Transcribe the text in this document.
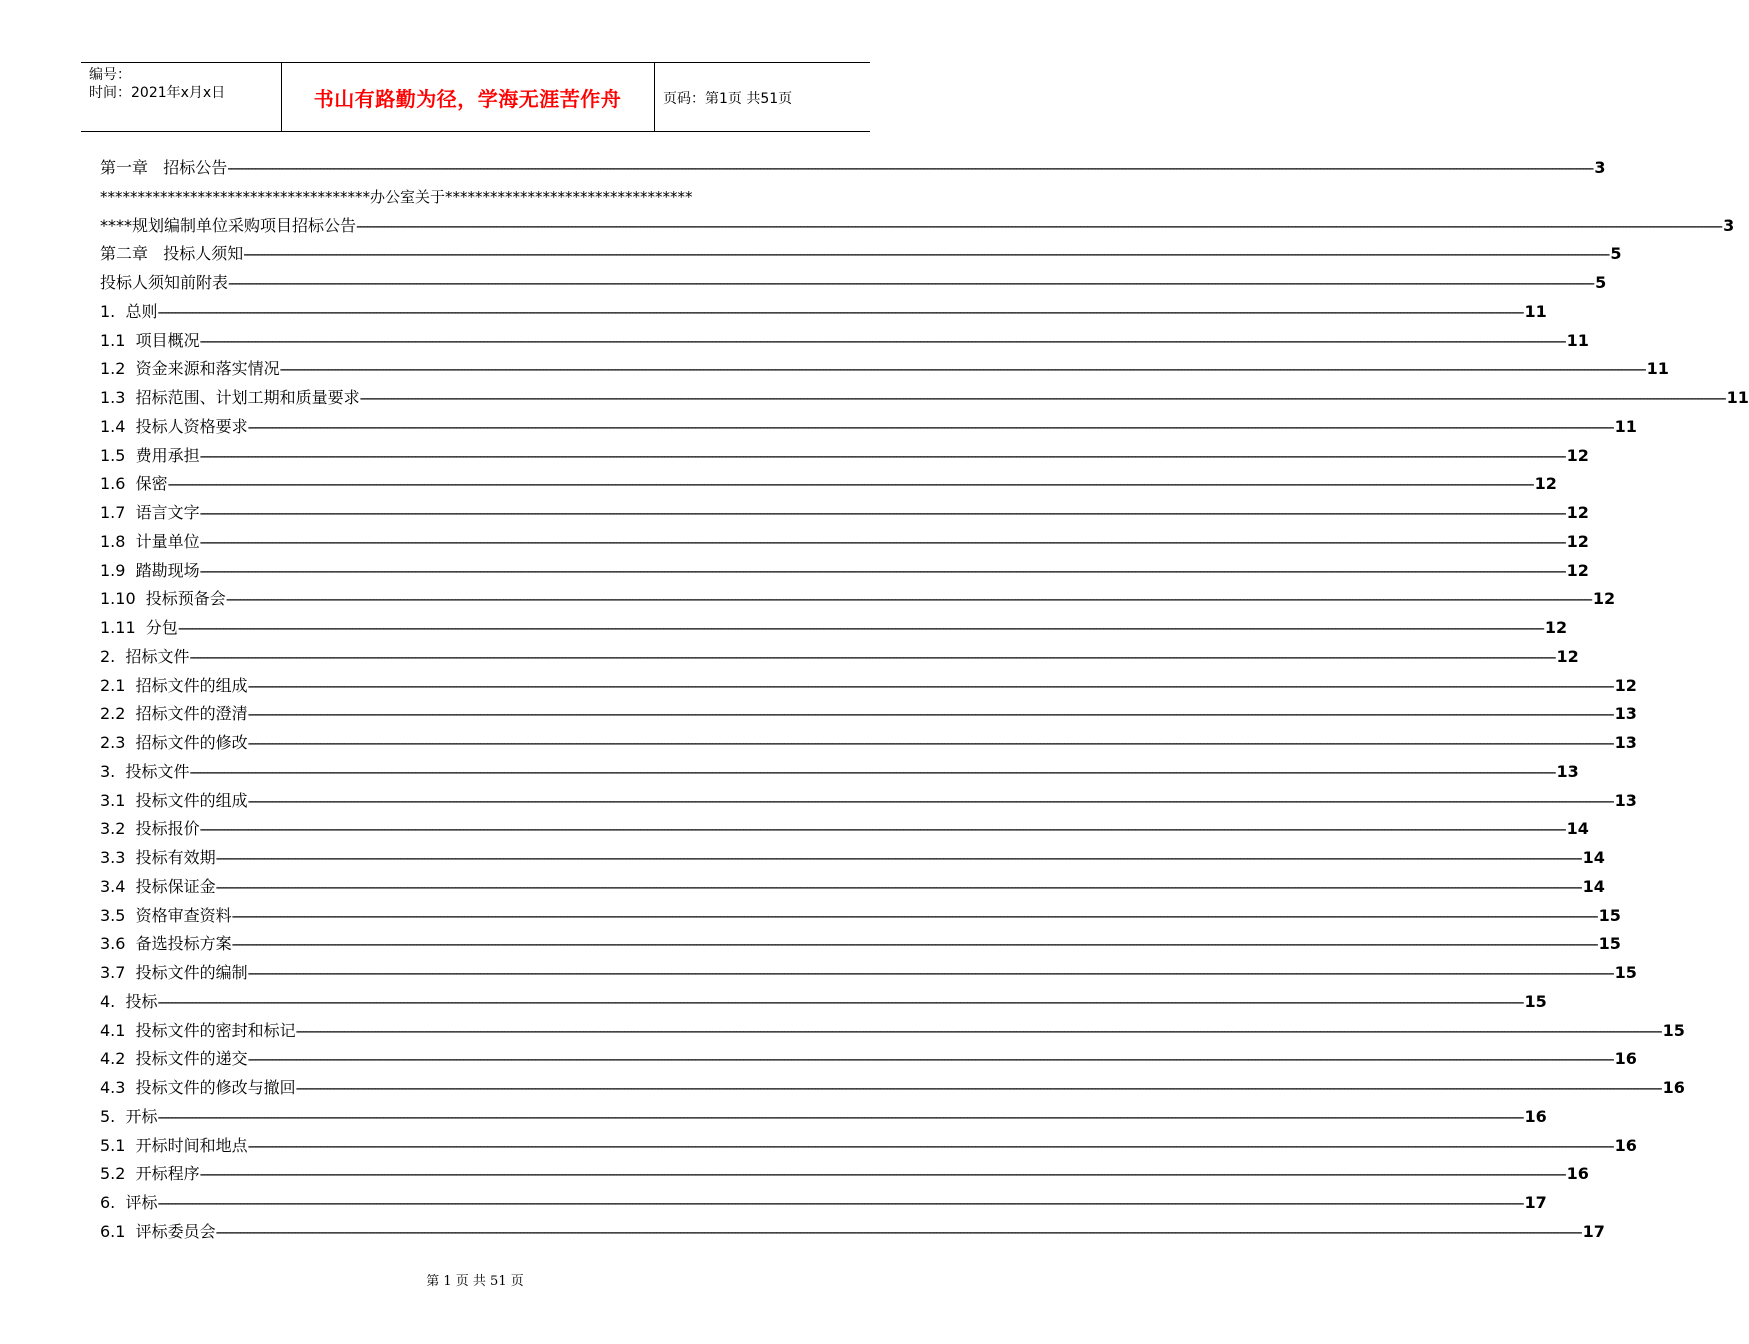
编号：
时间：2021年x月x日	书山有路勤为径，学海无涯苦作舟	页码：第1页 共51页
第一章   招标公告 ---------------------------------------------------------------------------------------------------------------------------------------------------------------------------------------------------------------------------------------------------------------------------------------------------------------------------------------------------------------------------------------------------------------- 3
************************************办公室关于*********************************
****规划编制单位采购项目招标公告 ---------------------------------------------------------------------------------------------------------------------------------------------------------------------------------------------------------------------------------------------------------------------------------------------------------------------------------------------------------------------------------------------------------------- 3
第二章   投标人须知 ---------------------------------------------------------------------------------------------------------------------------------------------------------------------------------------------------------------------------------------------------------------------------------------------------------------------------------------------------------------------------------------------------------------- 5
投标人须知前附表 ---------------------------------------------------------------------------------------------------------------------------------------------------------------------------------------------------------------------------------------------------------------------------------------------------------------------------------------------------------------------------------------------------------------- 5
1.  总则 ---------------------------------------------------------------------------------------------------------------------------------------------------------------------------------------------------------------------------------------------------------------------------------------------------------------------------------------------------------------------------------------------------------------- 11
1.1  项目概况 ---------------------------------------------------------------------------------------------------------------------------------------------------------------------------------------------------------------------------------------------------------------------------------------------------------------------------------------------------------------------------------------------------------------- 11
1.2  资金来源和落实情况 ---------------------------------------------------------------------------------------------------------------------------------------------------------------------------------------------------------------------------------------------------------------------------------------------------------------------------------------------------------------------------------------------------------------- 11
1.3  招标范围、计划工期和质量要求 ---------------------------------------------------------------------------------------------------------------------------------------------------------------------------------------------------------------------------------------------------------------------------------------------------------------------------------------------------------------------------------------------------------------- 11
1.4  投标人资格要求 ---------------------------------------------------------------------------------------------------------------------------------------------------------------------------------------------------------------------------------------------------------------------------------------------------------------------------------------------------------------------------------------------------------------- 11
1.5  费用承担 ---------------------------------------------------------------------------------------------------------------------------------------------------------------------------------------------------------------------------------------------------------------------------------------------------------------------------------------------------------------------------------------------------------------- 12
1.6  保密 ---------------------------------------------------------------------------------------------------------------------------------------------------------------------------------------------------------------------------------------------------------------------------------------------------------------------------------------------------------------------------------------------------------------- 12
1.7  语言文字 ---------------------------------------------------------------------------------------------------------------------------------------------------------------------------------------------------------------------------------------------------------------------------------------------------------------------------------------------------------------------------------------------------------------- 12
1.8  计量单位 ---------------------------------------------------------------------------------------------------------------------------------------------------------------------------------------------------------------------------------------------------------------------------------------------------------------------------------------------------------------------------------------------------------------- 12
1.9  踏勘现场 ---------------------------------------------------------------------------------------------------------------------------------------------------------------------------------------------------------------------------------------------------------------------------------------------------------------------------------------------------------------------------------------------------------------- 12
1.10  投标预备会 ---------------------------------------------------------------------------------------------------------------------------------------------------------------------------------------------------------------------------------------------------------------------------------------------------------------------------------------------------------------------------------------------------------------- 12
1.11  分包 ---------------------------------------------------------------------------------------------------------------------------------------------------------------------------------------------------------------------------------------------------------------------------------------------------------------------------------------------------------------------------------------------------------------- 12
2.  招标文件 ---------------------------------------------------------------------------------------------------------------------------------------------------------------------------------------------------------------------------------------------------------------------------------------------------------------------------------------------------------------------------------------------------------------- 12
2.1  招标文件的组成 ---------------------------------------------------------------------------------------------------------------------------------------------------------------------------------------------------------------------------------------------------------------------------------------------------------------------------------------------------------------------------------------------------------------- 12
2.2  招标文件的澄清 ---------------------------------------------------------------------------------------------------------------------------------------------------------------------------------------------------------------------------------------------------------------------------------------------------------------------------------------------------------------------------------------------------------------- 13
2.3  招标文件的修改 ---------------------------------------------------------------------------------------------------------------------------------------------------------------------------------------------------------------------------------------------------------------------------------------------------------------------------------------------------------------------------------------------------------------- 13
3.  投标文件 ---------------------------------------------------------------------------------------------------------------------------------------------------------------------------------------------------------------------------------------------------------------------------------------------------------------------------------------------------------------------------------------------------------------- 13
3.1  投标文件的组成 ---------------------------------------------------------------------------------------------------------------------------------------------------------------------------------------------------------------------------------------------------------------------------------------------------------------------------------------------------------------------------------------------------------------- 13
3.2  投标报价 ---------------------------------------------------------------------------------------------------------------------------------------------------------------------------------------------------------------------------------------------------------------------------------------------------------------------------------------------------------------------------------------------------------------- 14
3.3  投标有效期 ---------------------------------------------------------------------------------------------------------------------------------------------------------------------------------------------------------------------------------------------------------------------------------------------------------------------------------------------------------------------------------------------------------------- 14
3.4  投标保证金 ---------------------------------------------------------------------------------------------------------------------------------------------------------------------------------------------------------------------------------------------------------------------------------------------------------------------------------------------------------------------------------------------------------------- 14
3.5  资格审查资料 ---------------------------------------------------------------------------------------------------------------------------------------------------------------------------------------------------------------------------------------------------------------------------------------------------------------------------------------------------------------------------------------------------------------- 15
3.6  备选投标方案 ---------------------------------------------------------------------------------------------------------------------------------------------------------------------------------------------------------------------------------------------------------------------------------------------------------------------------------------------------------------------------------------------------------------- 15
3.7  投标文件的编制 ---------------------------------------------------------------------------------------------------------------------------------------------------------------------------------------------------------------------------------------------------------------------------------------------------------------------------------------------------------------------------------------------------------------- 15
4.  投标 ---------------------------------------------------------------------------------------------------------------------------------------------------------------------------------------------------------------------------------------------------------------------------------------------------------------------------------------------------------------------------------------------------------------- 15
4.1  投标文件的密封和标记 ---------------------------------------------------------------------------------------------------------------------------------------------------------------------------------------------------------------------------------------------------------------------------------------------------------------------------------------------------------------------------------------------------------------- 15
4.2  投标文件的递交 ---------------------------------------------------------------------------------------------------------------------------------------------------------------------------------------------------------------------------------------------------------------------------------------------------------------------------------------------------------------------------------------------------------------- 16
4.3  投标文件的修改与撤回 ---------------------------------------------------------------------------------------------------------------------------------------------------------------------------------------------------------------------------------------------------------------------------------------------------------------------------------------------------------------------------------------------------------------- 16
5.  开标 ---------------------------------------------------------------------------------------------------------------------------------------------------------------------------------------------------------------------------------------------------------------------------------------------------------------------------------------------------------------------------------------------------------------- 16
5.1  开标时间和地点 ---------------------------------------------------------------------------------------------------------------------------------------------------------------------------------------------------------------------------------------------------------------------------------------------------------------------------------------------------------------------------------------------------------------- 16
5.2  开标程序 ---------------------------------------------------------------------------------------------------------------------------------------------------------------------------------------------------------------------------------------------------------------------------------------------------------------------------------------------------------------------------------------------------------------- 16
6.  评标 ---------------------------------------------------------------------------------------------------------------------------------------------------------------------------------------------------------------------------------------------------------------------------------------------------------------------------------------------------------------------------------------------------------------- 17
6.1  评标委员会 ---------------------------------------------------------------------------------------------------------------------------------------------------------------------------------------------------------------------------------------------------------------------------------------------------------------------------------------------------------------------------------------------------------------- 17
第 1 页 共 51 页
